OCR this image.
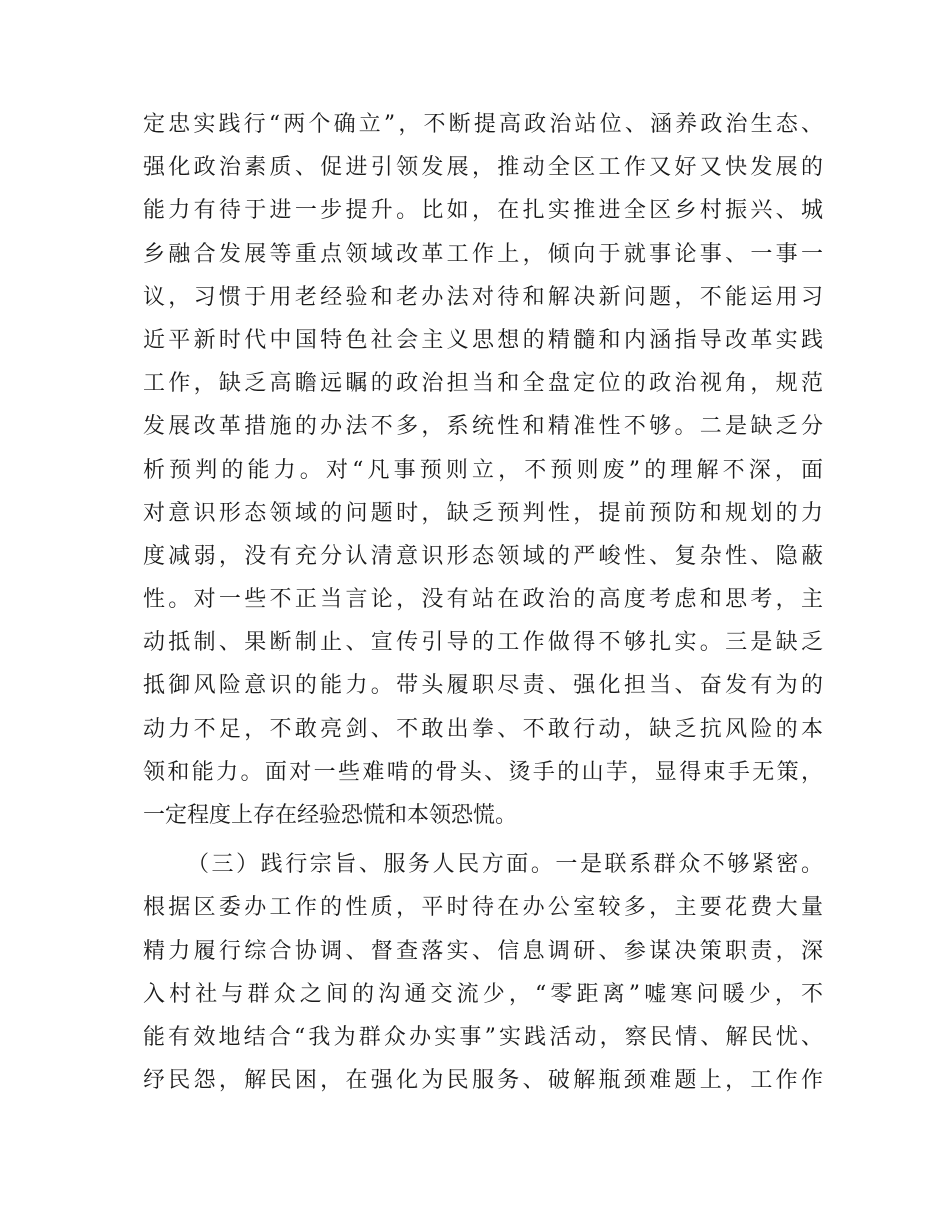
定忠实践行“两个确立”，不断提高政治站位、涵养政治生态、
强化政治素质、促进引领发展，推动全区工作又好又快发展的
能力有待于进一步提升。比如，在扎实推进全区乡村振兴、城
乡融合发展等重点领域改革工作上，倾向于就事论事、一事一
议，习惯于用老经验和老办法对待和解决新问题，不能运用习
近平新时代中国特色社会主义思想的精髓和内涵指导改革实践
工作，缺乏高瞻远瞩的政治担当和全盘定位的政治视角，规范
发展改革措施的办法不多，系统性和精准性不够。二是缺乏分
析预判的能力。对“凡事预则立，不预则废”的理解不深，面
对意识形态领域的问题时，缺乏预判性，提前预防和规划的力
度减弱，没有充分认清意识形态领域的严峻性、复杂性、隐蔽
性。对一些不正当言论，没有站在政治的高度考虑和思考，主
动抵制、果断制止、宣传引导的工作做得不够扎实。三是缺乏
抵御风险意识的能力。带头履职尽责、强化担当、奋发有为的
动力不足，不敢亮剑、不敢出拳、不敢行动，缺乏抗风险的本
领和能力。面对一些难啃的骨头、烫手的山芋，显得束手无策，
一定程度上存在经验恐慌和本领恐慌。
（三）践行宗旨、服务人民方面。一是联系群众不够紧密。
根据区委办工作的性质，平时待在办公室较多，主要花费大量
精力履行综合协调、督查落实、信息调研、参谋决策职责，深
入村社与群众之间的沟通交流少，“零距离”嘘寒问暖少，不
能有效地结合“我为群众办实事”实践活动，察民情、解民忧、
纾民怨，解民困，在强化为民服务、破解瓶颈难题上，工作作
